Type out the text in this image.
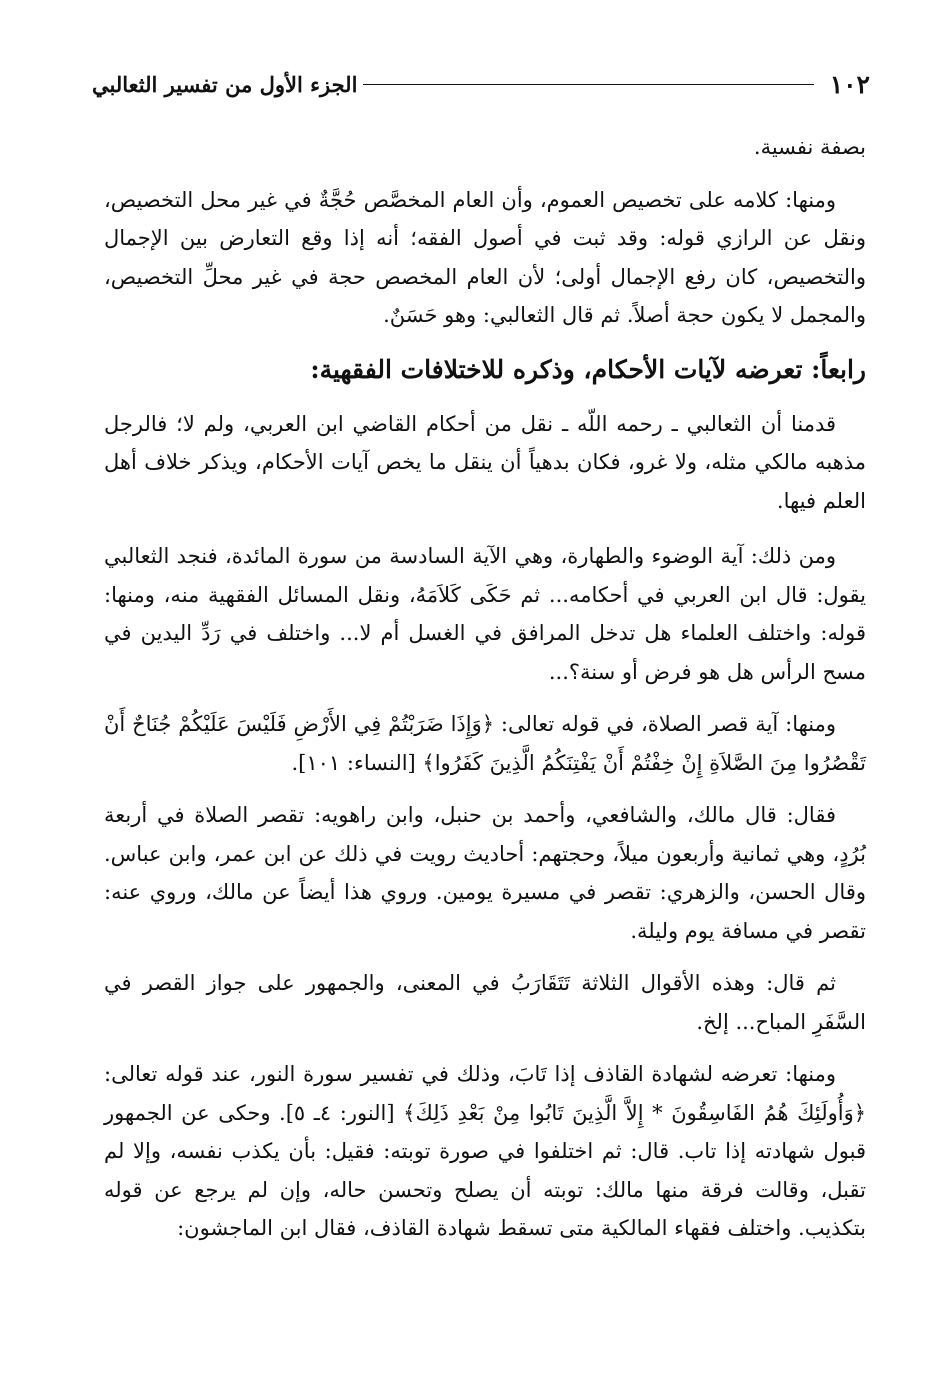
١٠٢
الجزء الأول من تفسير الثعالبي

بصفة نفسية.

ومنها: كلامه على تخصيص العموم، وأن العام المخصَّص حُجَّةٌ في غير محل التخصيص، ونقل عن الرازي قوله: وقد ثبت في أصول الفقه؛ أنه إذا وقع التعارض بين الإجمال والتخصيص، كان رفع الإجمال أولى؛ لأن العام المخصص حجة في غير محلِّ التخصيص، والمجمل لا يكون حجة أصلاً. ثم قال الثعالبي: وهو حَسَنٌ.

رابعاً: تعرضه لآيات الأحكام، وذكره للاختلافات الفقهية:

قدمنا أن الثعالبي ـ رحمه اللّه ـ نقل من أحكام القاضي ابن العربي، ولم لا؛ فالرجل مذهبه مالكي مثله، ولا غرو، فكان بدهياً أن ينقل ما يخص آيات الأحكام، ويذكر خلاف أهل العلم فيها.

ومن ذلك: آية الوضوء والطهارة، وهي الآية السادسة من سورة المائدة، فنجد الثعالبي يقول: قال ابن العربي في أحكامه... ثم حَكَى كَلاَمَهُ، ونقل المسائل الفقهية منه، ومنها: قوله: واختلف العلماء هل تدخل المرافق في الغسل أم لا... واختلف في رَدِّ اليدين في مسح الرأس هل هو فرض أو سنة؟...

ومنها: آية قصر الصلاة، في قوله تعالى: ﴿وَإِذَا ضَرَبْتُمْ فِي الأَرْضِ فَلَيْسَ عَلَيْكُمْ جُنَاحٌ أَنْ تَقْصُرُوا مِنَ الصَّلاَةِ إِنْ خِفْتُمْ أَنْ يَفْتِنَكُمُ الَّذِينَ كَفَرُوا﴾ [النساء: ١٠١].

فقال: قال مالك، والشافعي، وأحمد بن حنبل، وابن راهويه: تقصر الصلاة في أربعة بُرُدٍ، وهي ثمانية وأربعون ميلاً، وحجتهم: أحاديث رويت في ذلك عن ابن عمر، وابن عباس. وقال الحسن، والزهري: تقصر في مسيرة يومين. وروي هذا أيضاً عن مالك، وروي عنه: تقصر في مسافة يوم وليلة.

ثم قال: وهذه الأقوال الثلاثة تَتَقَارَبُ في المعنى، والجمهور على جواز القصر في السَّفَرِ المباح... إلخ.

ومنها: تعرضه لشهادة القاذف إذا تَابَ، وذلك في تفسير سورة النور، عند قوله تعالى: ﴿وَأُولَئِكَ هُمُ الفَاسِقُونَ * إِلاَّ الَّذِينَ تَابُوا مِنْ بَعْدِ ذَلِكَ﴾ [النور: ٤ـ ٥]. وحكى عن الجمهور قبول شهادته إذا تاب. قال: ثم اختلفوا في صورة توبته: فقيل: بأن يكذب نفسه، وإلا لم تقبل، وقالت فرقة منها مالك: توبته أن يصلح وتحسن حاله، وإن لم يرجع عن قوله بتكذيب. واختلف فقهاء المالكية متى تسقط شهادة القاذف، فقال ابن الماجشون:
